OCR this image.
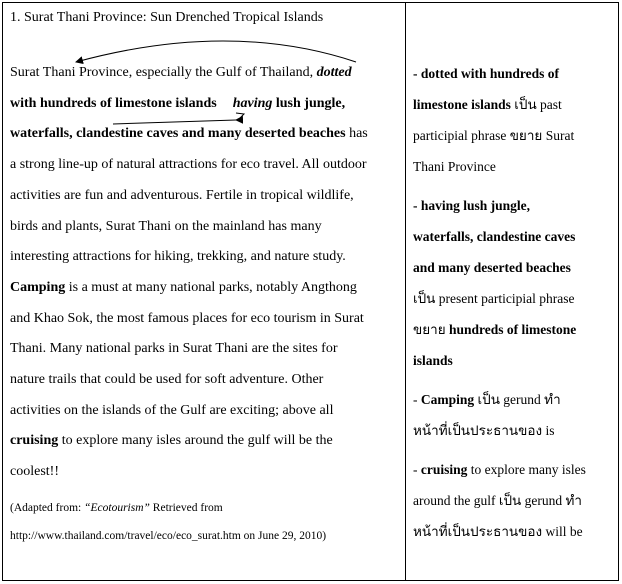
1. Surat Thani Province: Sun Drenched Tropical Islands
Surat Thani Province, especially the Gulf of Thailand, dotted
with hundreds of limestone islands having lush jungle,
waterfalls, clandestine caves and many deserted beaches has
a strong line-up of natural attractions for eco travel. All outdoor
activities are fun and adventurous. Fertile in tropical wildlife,
birds and plants, Surat Thani on the mainland has many
interesting attractions for hiking, trekking, and nature study.
Camping is a must at many national parks, notably Angthong
and Khao Sok, the most famous places for eco tourism in Surat
Thani. Many national parks in Surat Thani are the sites for
nature trails that could be used for soft adventure. Other
activities on the islands of the Gulf are exciting; above all
cruising to explore many isles around the gulf will be the
coolest!!
(Adapted from: “Ecotourism” Retrieved from
http://www.thailand.com/travel/eco/eco_surat.htm on June 29, 2010)
- dotted with hundreds of
limestone islands เป็น past
participial phrase ขยาย Surat
Thani Province
- having lush jungle,
waterfalls, clandestine caves
and many deserted beaches
เป็น present participial phrase
ขยาย hundreds of limestone
islands
- Camping เป็น gerund ทำ
หน้าที่เป็นประธานของ is
- cruising to explore many isles
around the gulf เป็น gerund ทำ
หน้าที่เป็นประธานของ will be
